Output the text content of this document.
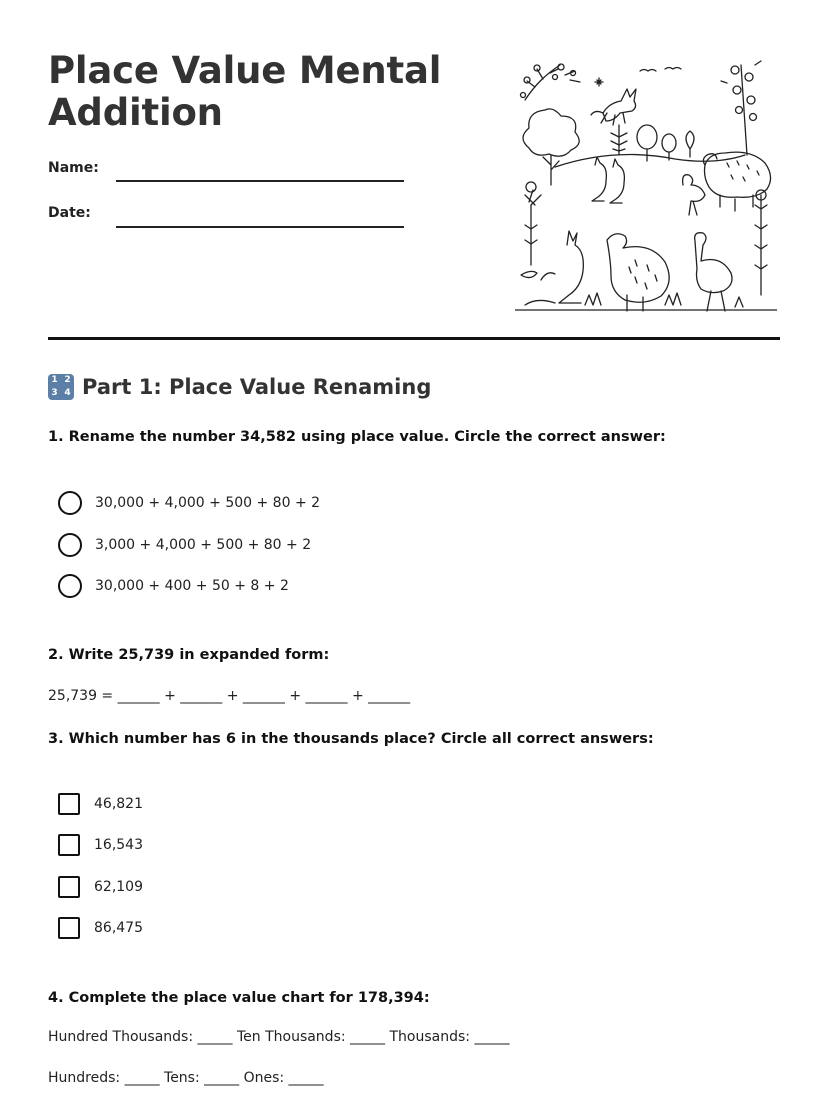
Place Value Mental Addition
Name:
Date:
1 2
3 4 Part 1: Place Value Renaming
1. Rename the number 34,582 using place value. Circle the correct answer:
30,000 + 4,000 + 500 + 80 + 2
3,000 + 4,000 + 500 + 80 + 2
30,000 + 400 + 50 + 8 + 2
2. Write 25,739 in expanded form:
25,739 = ______ + ______ + ______ + ______ + ______
3. Which number has 6 in the thousands place? Circle all correct answers:
46,821
16,543
62,109
86,475
4. Complete the place value chart for 178,394:
Hundred Thousands: _____ Ten Thousands: _____ Thousands: _____
Hundreds: _____ Tens: _____ Ones: _____
